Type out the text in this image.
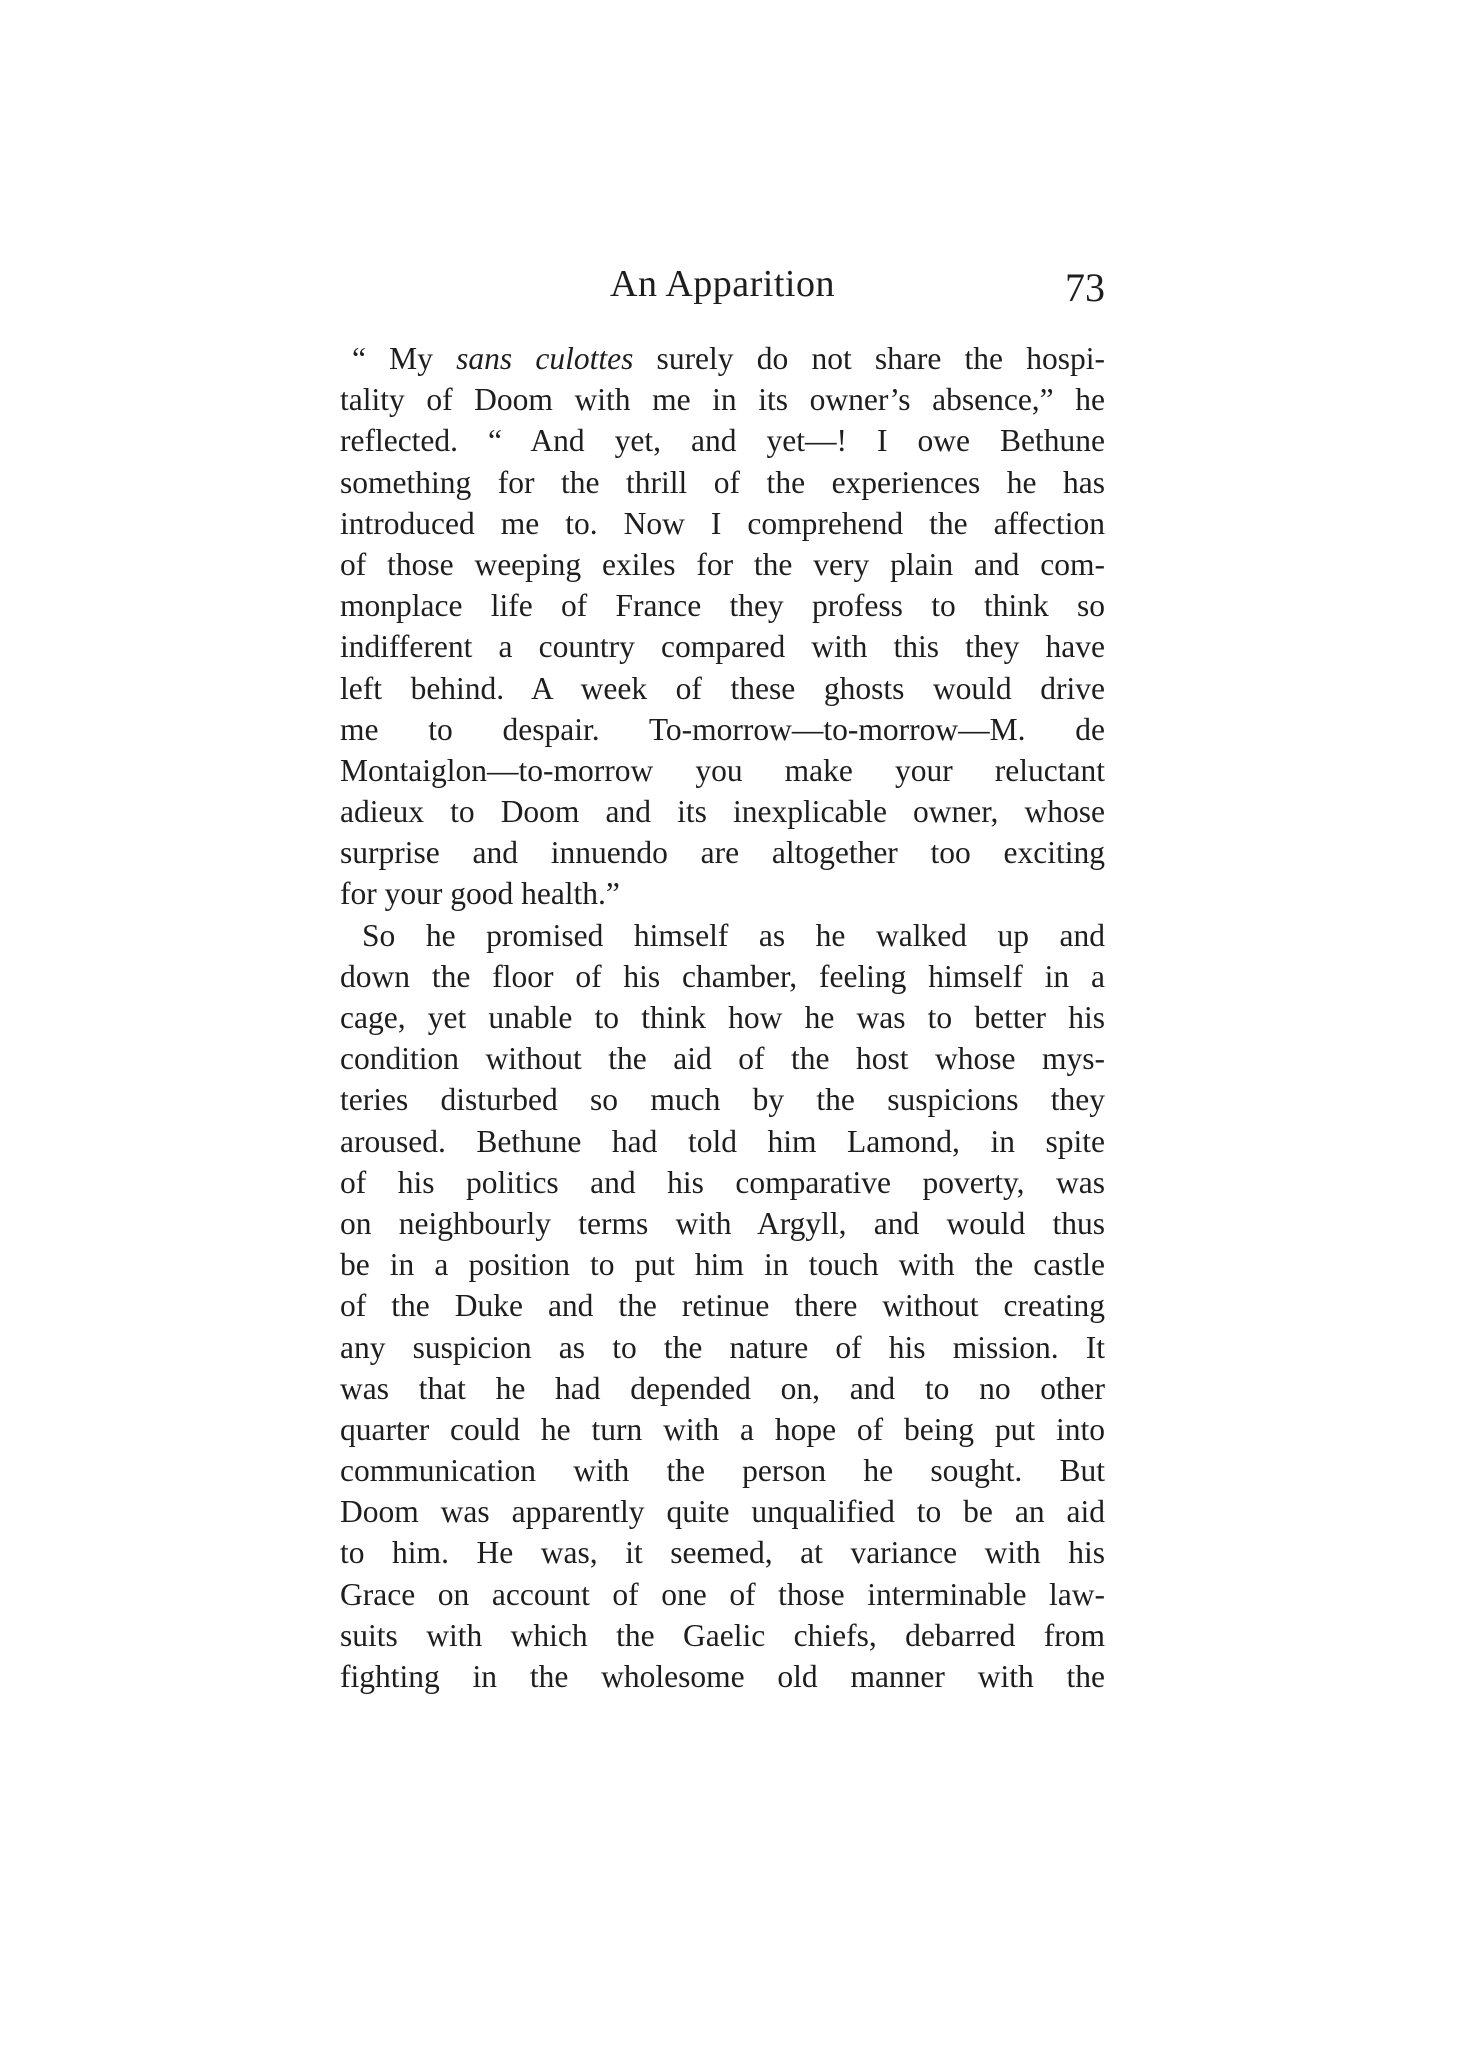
An Apparition	73
“ My sans culottes surely do not share the hospi-
tality of Doom with me in its owner’s absence,” he
reflected. “ And yet, and yet—! I owe Bethune
something for the thrill of the experiences he has
introduced me to. Now I comprehend the affection
of those weeping exiles for the very plain and com-
monplace life of France they profess to think so
indifferent a country compared with this they have
left behind. A week of these ghosts would drive
me to despair. To-morrow—to-morrow—M. de
Montaiglon—to-morrow you make your reluctant
adieux to Doom and its inexplicable owner, whose
surprise and innuendo are altogether too exciting
for your good health.”
So he promised himself as he walked up and
down the floor of his chamber, feeling himself in a
cage, yet unable to think how he was to better his
condition without the aid of the host whose mys-
teries disturbed so much by the suspicions they
aroused. Bethune had told him Lamond, in spite
of his politics and his comparative poverty, was
on neighbourly terms with Argyll, and would thus
be in a position to put him in touch with the castle
of the Duke and the retinue there without creating
any suspicion as to the nature of his mission. It
was that he had depended on, and to no other
quarter could he turn with a hope of being put into
communication with the person he sought. But
Doom was apparently quite unqualified to be an aid
to him. He was, it seemed, at variance with his
Grace on account of one of those interminable law-
suits with which the Gaelic chiefs, debarred from
fighting in the wholesome old manner with the
